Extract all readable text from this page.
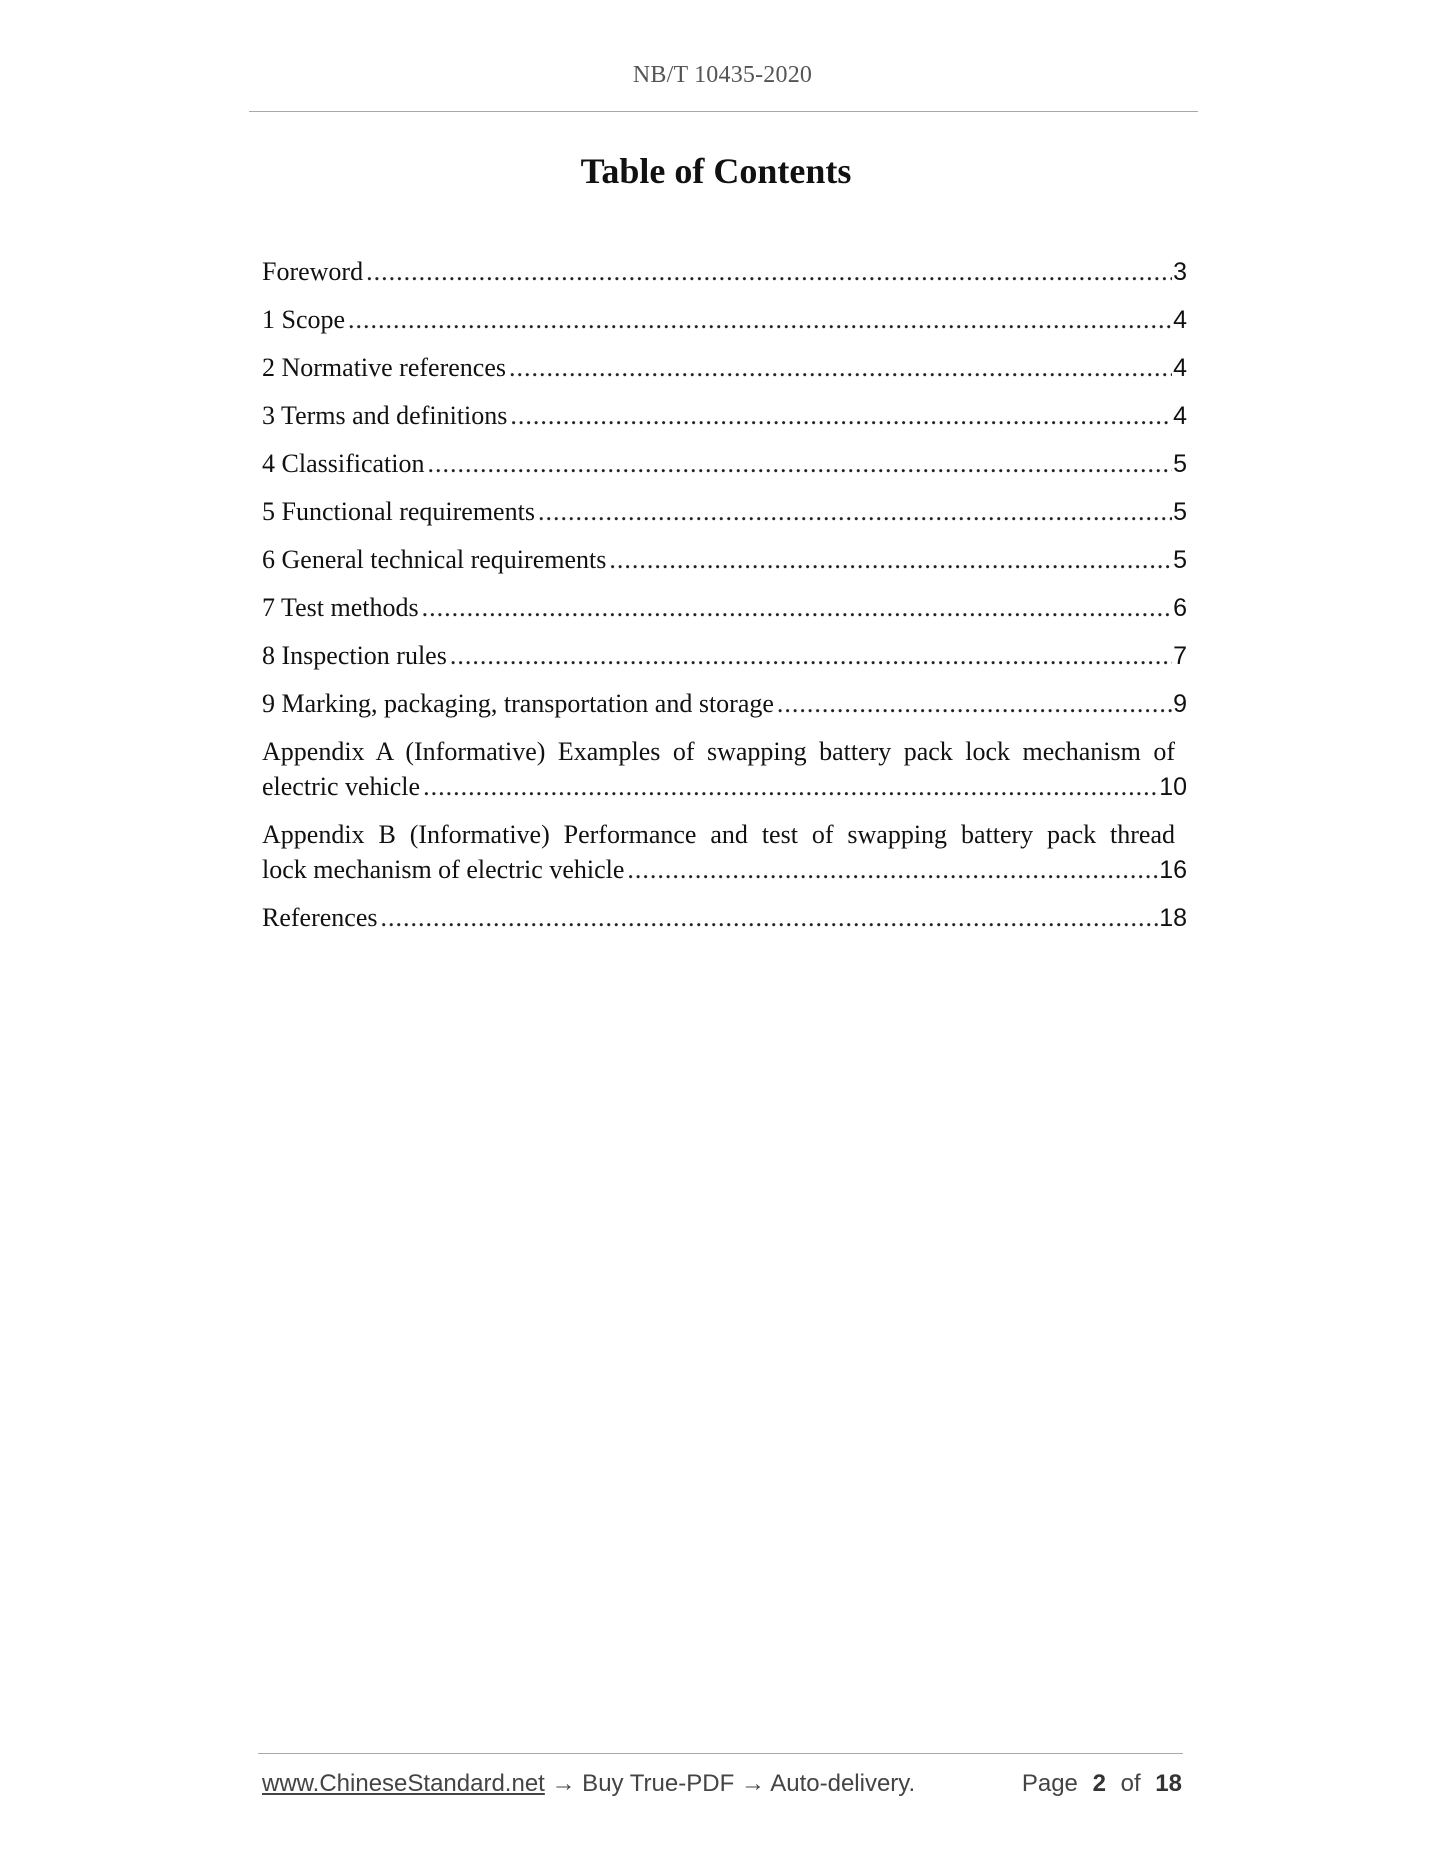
NB/T 10435-2020
Table of Contents
Foreword .....	3
1 Scope .....	4
2 Normative references .....	4
3 Terms and definitions .....	4
4 Classification .....	5
5 Functional requirements .....	5
6 General technical requirements .....	5
7 Test methods .....	6
8 Inspection rules .....	7
9 Marking, packaging, transportation and storage .....	9
Appendix A (Informative) Examples of swapping battery pack lock mechanism of
electric vehicle .....	10
Appendix B (Informative) Performance and test of swapping battery pack thread
lock mechanism of electric vehicle .....	16
References .....	18
www.ChineseStandard.net → Buy True-PDF → Auto-delivery.	Page 2 of 18
